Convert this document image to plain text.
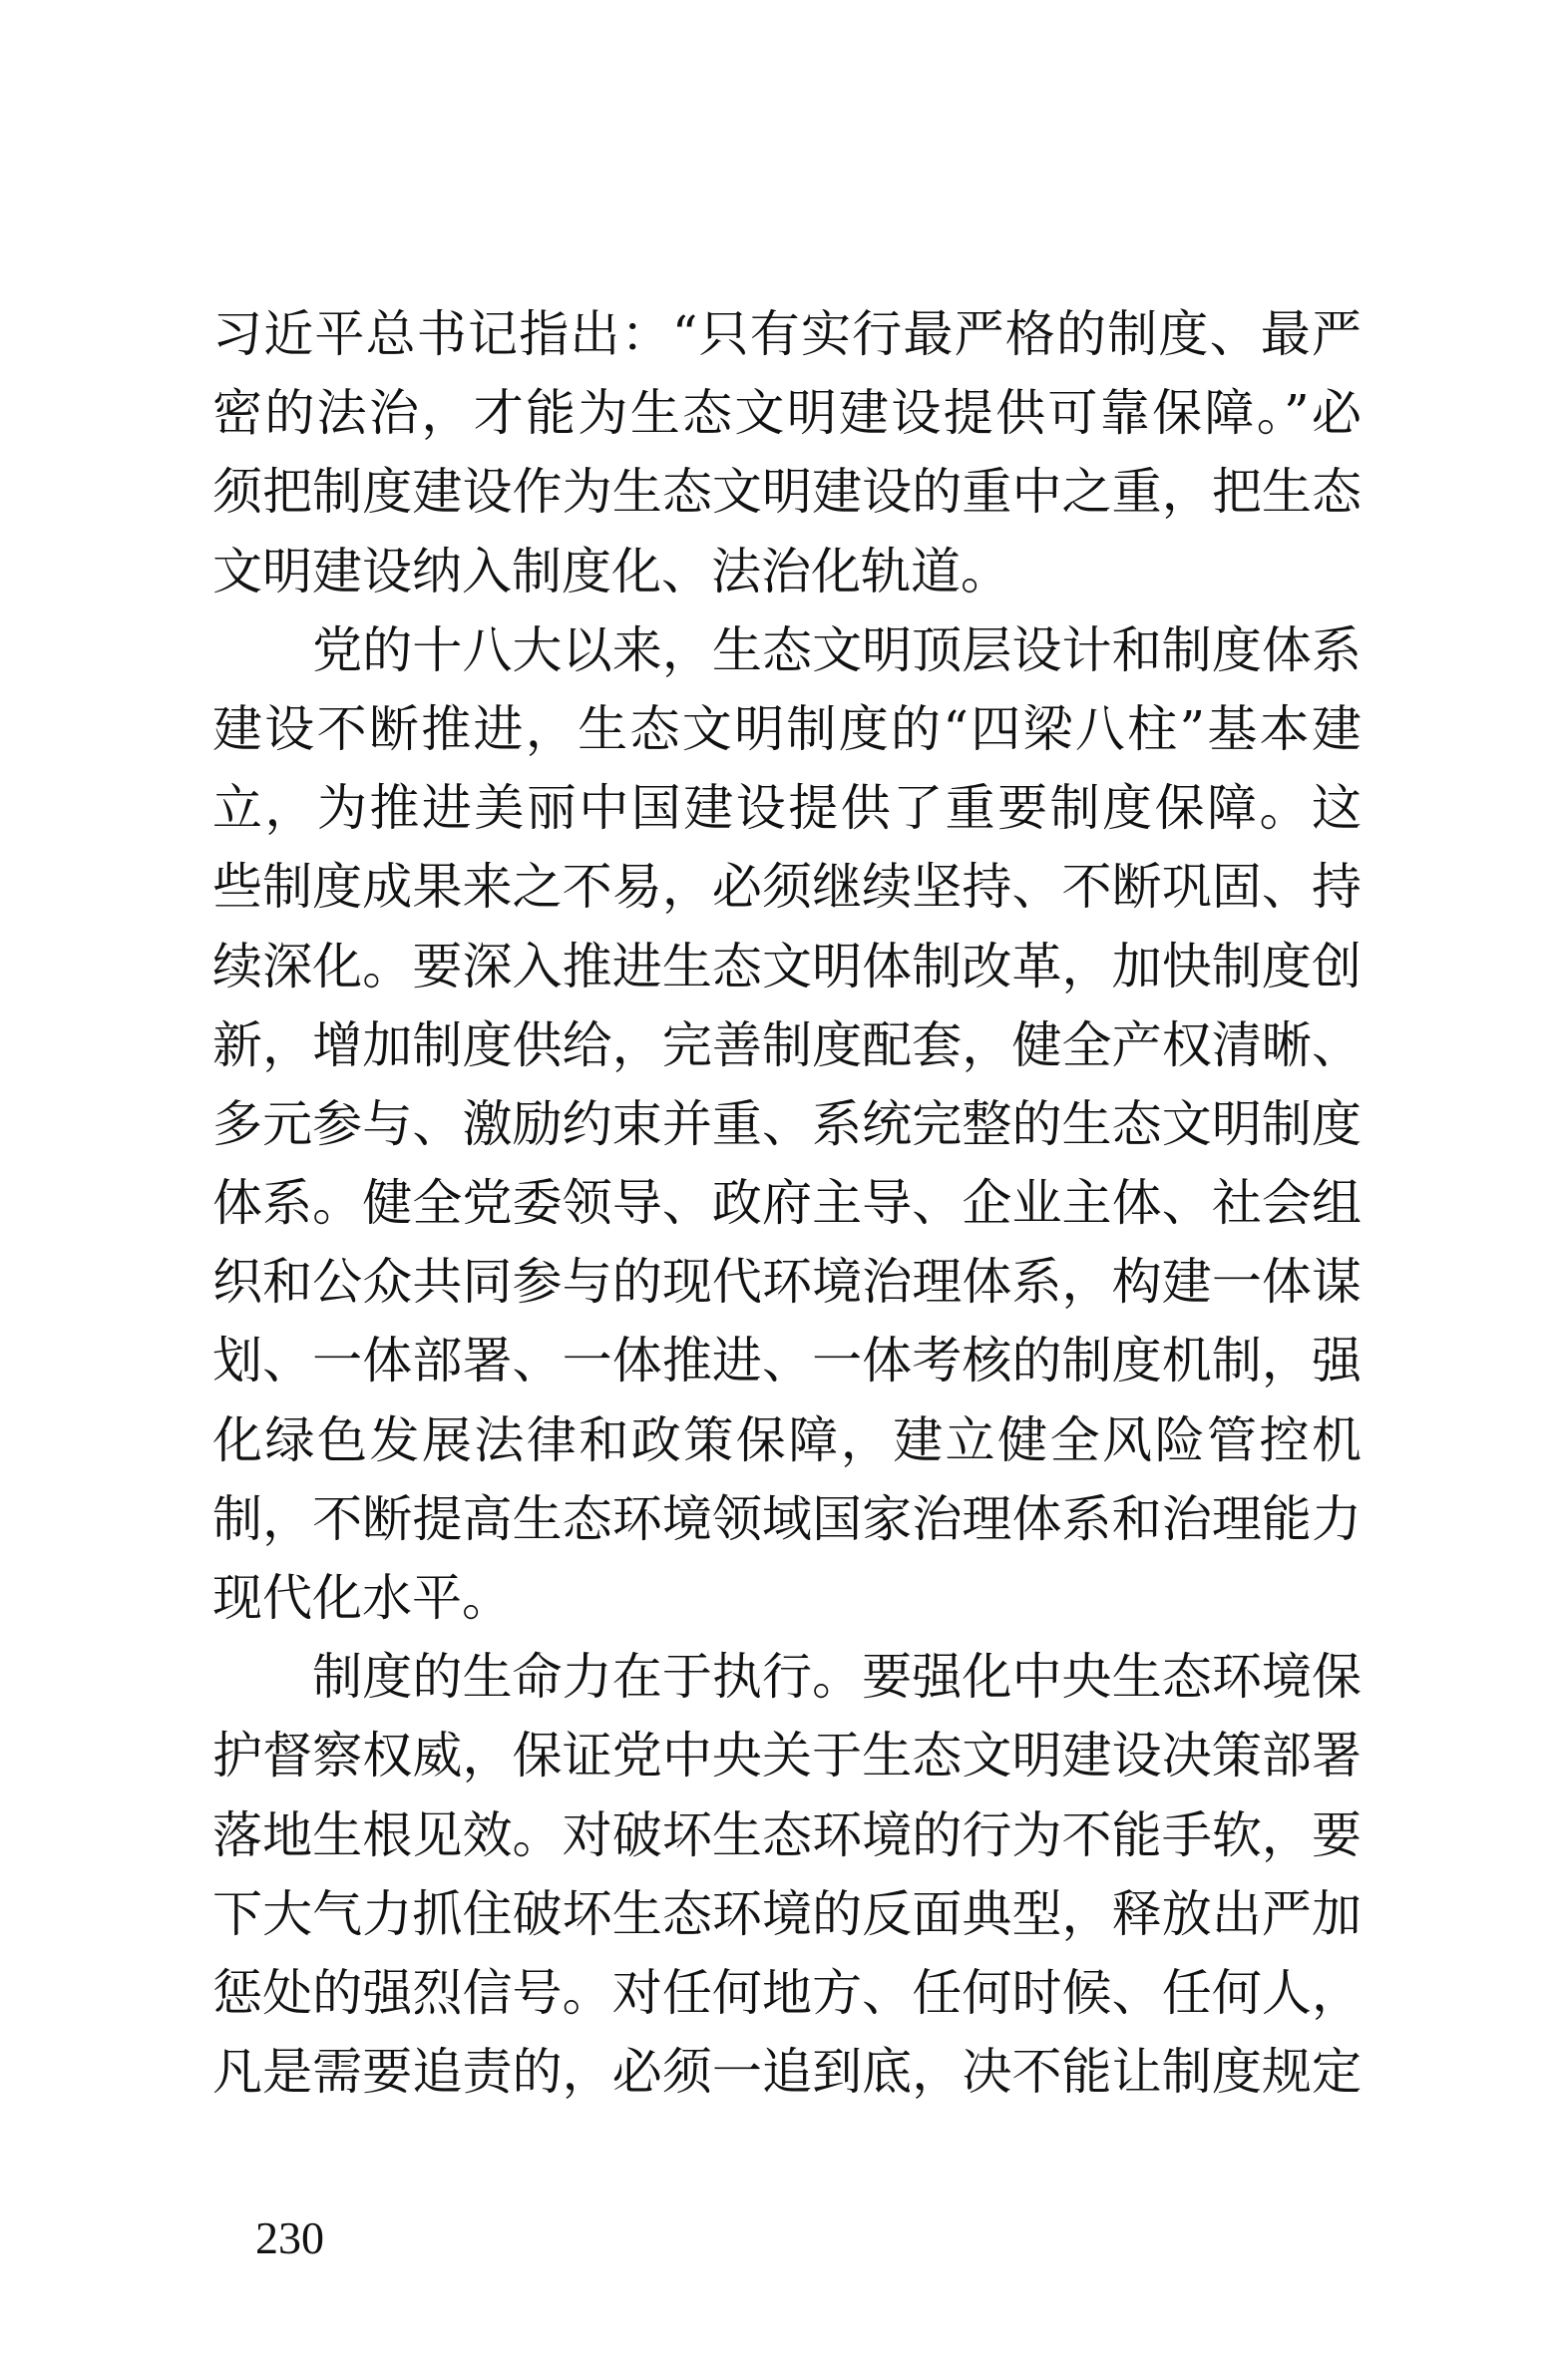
习近平总书记指出：“只有实行最严格的制度、最严
密的法治，才能为生态文明建设提供可靠保障。”必
须把制度建设作为生态文明建设的重中之重，把生态
文明建设纳入制度化、法治化轨道。
　　党的十八大以来，生态文明顶层设计和制度体系
建设不断推进，生态文明制度的“四梁八柱”基本建
立，为推进美丽中国建设提供了重要制度保障。这
些制度成果来之不易，必须继续坚持、不断巩固、持
续深化。要深入推进生态文明体制改革，加快制度创
新，增加制度供给，完善制度配套，健全产权清晰、
多元参与、激励约束并重、系统完整的生态文明制度
体系。健全党委领导、政府主导、企业主体、社会组
织和公众共同参与的现代环境治理体系，构建一体谋
划、一体部署、一体推进、一体考核的制度机制，强
化绿色发展法律和政策保障，建立健全风险管控机
制，不断提高生态环境领域国家治理体系和治理能力
现代化水平。
　　制度的生命力在于执行。要强化中央生态环境保
护督察权威，保证党中央关于生态文明建设决策部署
落地生根见效。对破坏生态环境的行为不能手软，要
下大气力抓住破坏生态环境的反面典型，释放出严加
惩处的强烈信号。对任何地方、任何时候、任何人，
凡是需要追责的，必须一追到底，决不能让制度规定
230
